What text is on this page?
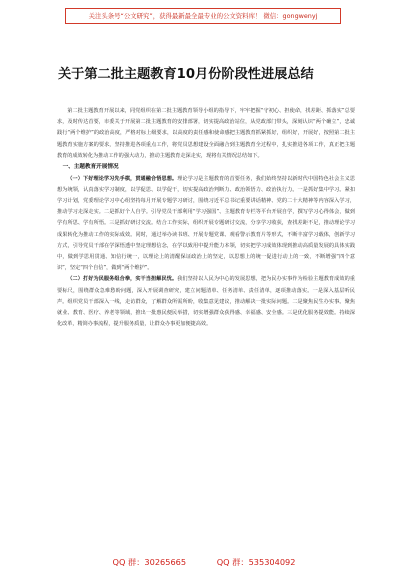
关注头条号“公文研究”，获得最新最全最专业的公文资料库！ 微信：gongwenyj
关于第二批主题教育10月份阶段性进展总结

第二批主题教育开展以来，同党组织在第二批主题教育领导小组的指导下，牢牢把握“守初心、担使命，找差距、抓落实”总要求，及时传达首要，市委关于开展第二批主题教育的安排部署，切实提高政治站位，从党政部门带头，深刻认识“两个确立”，忠诚践行“两个维护”的政治高度，严格对标上级要求，以高度的责任感和使命感把主题教育抓紧抓好，组织好，开展好，按照第二批主题教育实施方案的要求，坚持推进各项重点工作，将党员思想建设全面融合到主题教育全过程中，扎实推进各项工作，真正把主题教育的成效转化为推动工作的强大动力，推动主题教育走深走实，现将有关情况总结如下。

一、主题教育开展情况
（一）下好理论学习先手棋，贯通融合悟思想。理论学习是主题教育的首要任务，我们始终坚持以新时代中国特色社会主义思想为统领，认真落实学习制度，以学促思、以学促干，切实提高政治判断力、政治领悟力、政治执行力。一是抓好集中学习。紧扣学习计划，党委理论学习中心组坚持每月开展专题学习研讨，围绕习近平总书记重要讲话精神、党的二十大精神等内容深入学习，推动学习走深走实。二是抓好个人自学。引导党员干部利用“学习强国”、主题教育专栏等平台开展自学，撰写学习心得体会，做到学有所思、学有所悟。三是抓好研讨交流。结合工作实际，组织开展专题研讨交流，分享学习收获，查找差距不足，推动理论学习成果转化为推动工作的实际成效。同时，通过举办读书班、开展专题党课、观看警示教育片等形式，不断丰富学习载体，创新学习方式，引导党员干部在学深悟透中坚定理想信念，在学以致用中提升能力本领，切实把学习成效体现到推动高质量发展的具体实践中，做到学思用贯通、知信行统一，以理论上的清醒保证政治上的坚定，以思想上的统一促进行动上的一致，不断增强“四个意识”，坚定“四个自信”，做到“两个维护”。
（二）打好为民服务组合拳，实干当担解民忧。我们坚持以人民为中心的发展思想，把为民办实事作为检验主题教育成效的重要标尺，围绕群众急难愁盼问题，深入开展调查研究，建立问题清单、任务清单、责任清单，逐项推动落实。一是深入基层听民声。组织党员干部深入一线，走访群众，了解群众所需所盼，收集意见建议，推动解决一批实际问题。二是聚焦民生办实事。聚焦就业、教育、医疗、养老等领域，推出一批惠民便民举措，切实增强群众获得感、幸福感、安全感。三是优化服务提效能。持续深化改革，精简办事流程，提升服务质量，让群众办事更加便捷高效。
QQ 群：30265665	QQ 群：535304092
